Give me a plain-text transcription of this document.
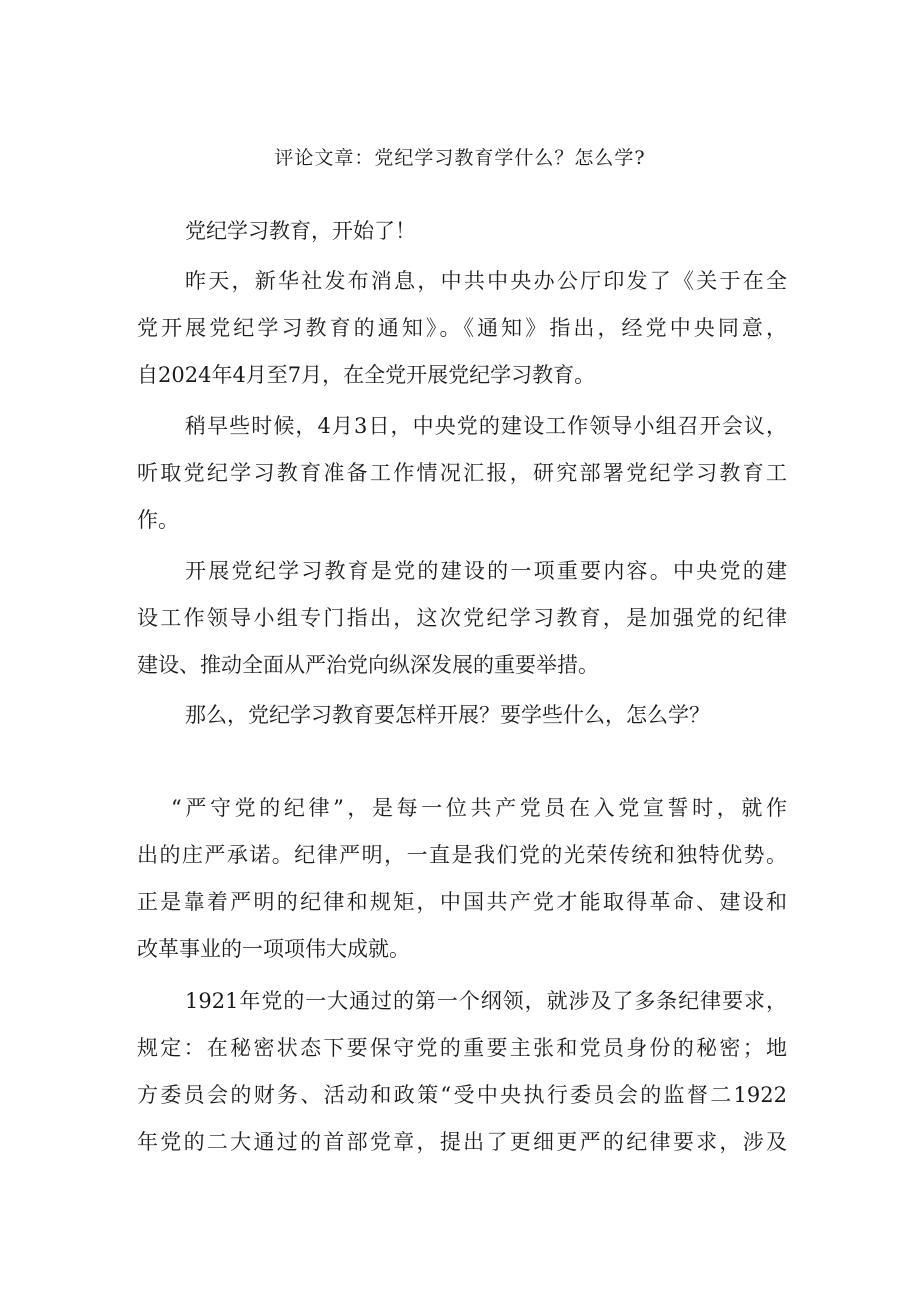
评论文章：党纪学习教育学什么？怎么学?
党纪学习教育，开始了！
昨天，新华社发布消息，中共中央办公厅印发了《关于在全
党开展党纪学习教育的通知》。《通知》指出，经党中央同意，
自2024年4月至7月，在全党开展党纪学习教育。
稍早些时候，4月3日，中央党的建设工作领导小组召开会议，
听取党纪学习教育准备工作情况汇报，研究部署党纪学习教育工
作。
开展党纪学习教育是党的建设的一项重要内容。中央党的建
设工作领导小组专门指出，这次党纪学习教育，是加强党的纪律
建设、推动全面从严治党向纵深发展的重要举措。
那么，党纪学习教育要怎样开展？要学些什么，怎么学？
“严守党的纪律”，是每一位共产党员在入党宣誓时，就作
出的庄严承诺。纪律严明，一直是我们党的光荣传统和独特优势。
正是靠着严明的纪律和规矩，中国共产党才能取得革命、建设和
改革事业的一项项伟大成就。
1921年党的一大通过的第一个纲领，就涉及了多条纪律要求，
规定：在秘密状态下要保守党的重要主张和党员身份的秘密；地
方委员会的财务、活动和政策“受中央执行委员会的监督二1922
年党的二大通过的首部党章，提出了更细更严的纪律要求，涉及
